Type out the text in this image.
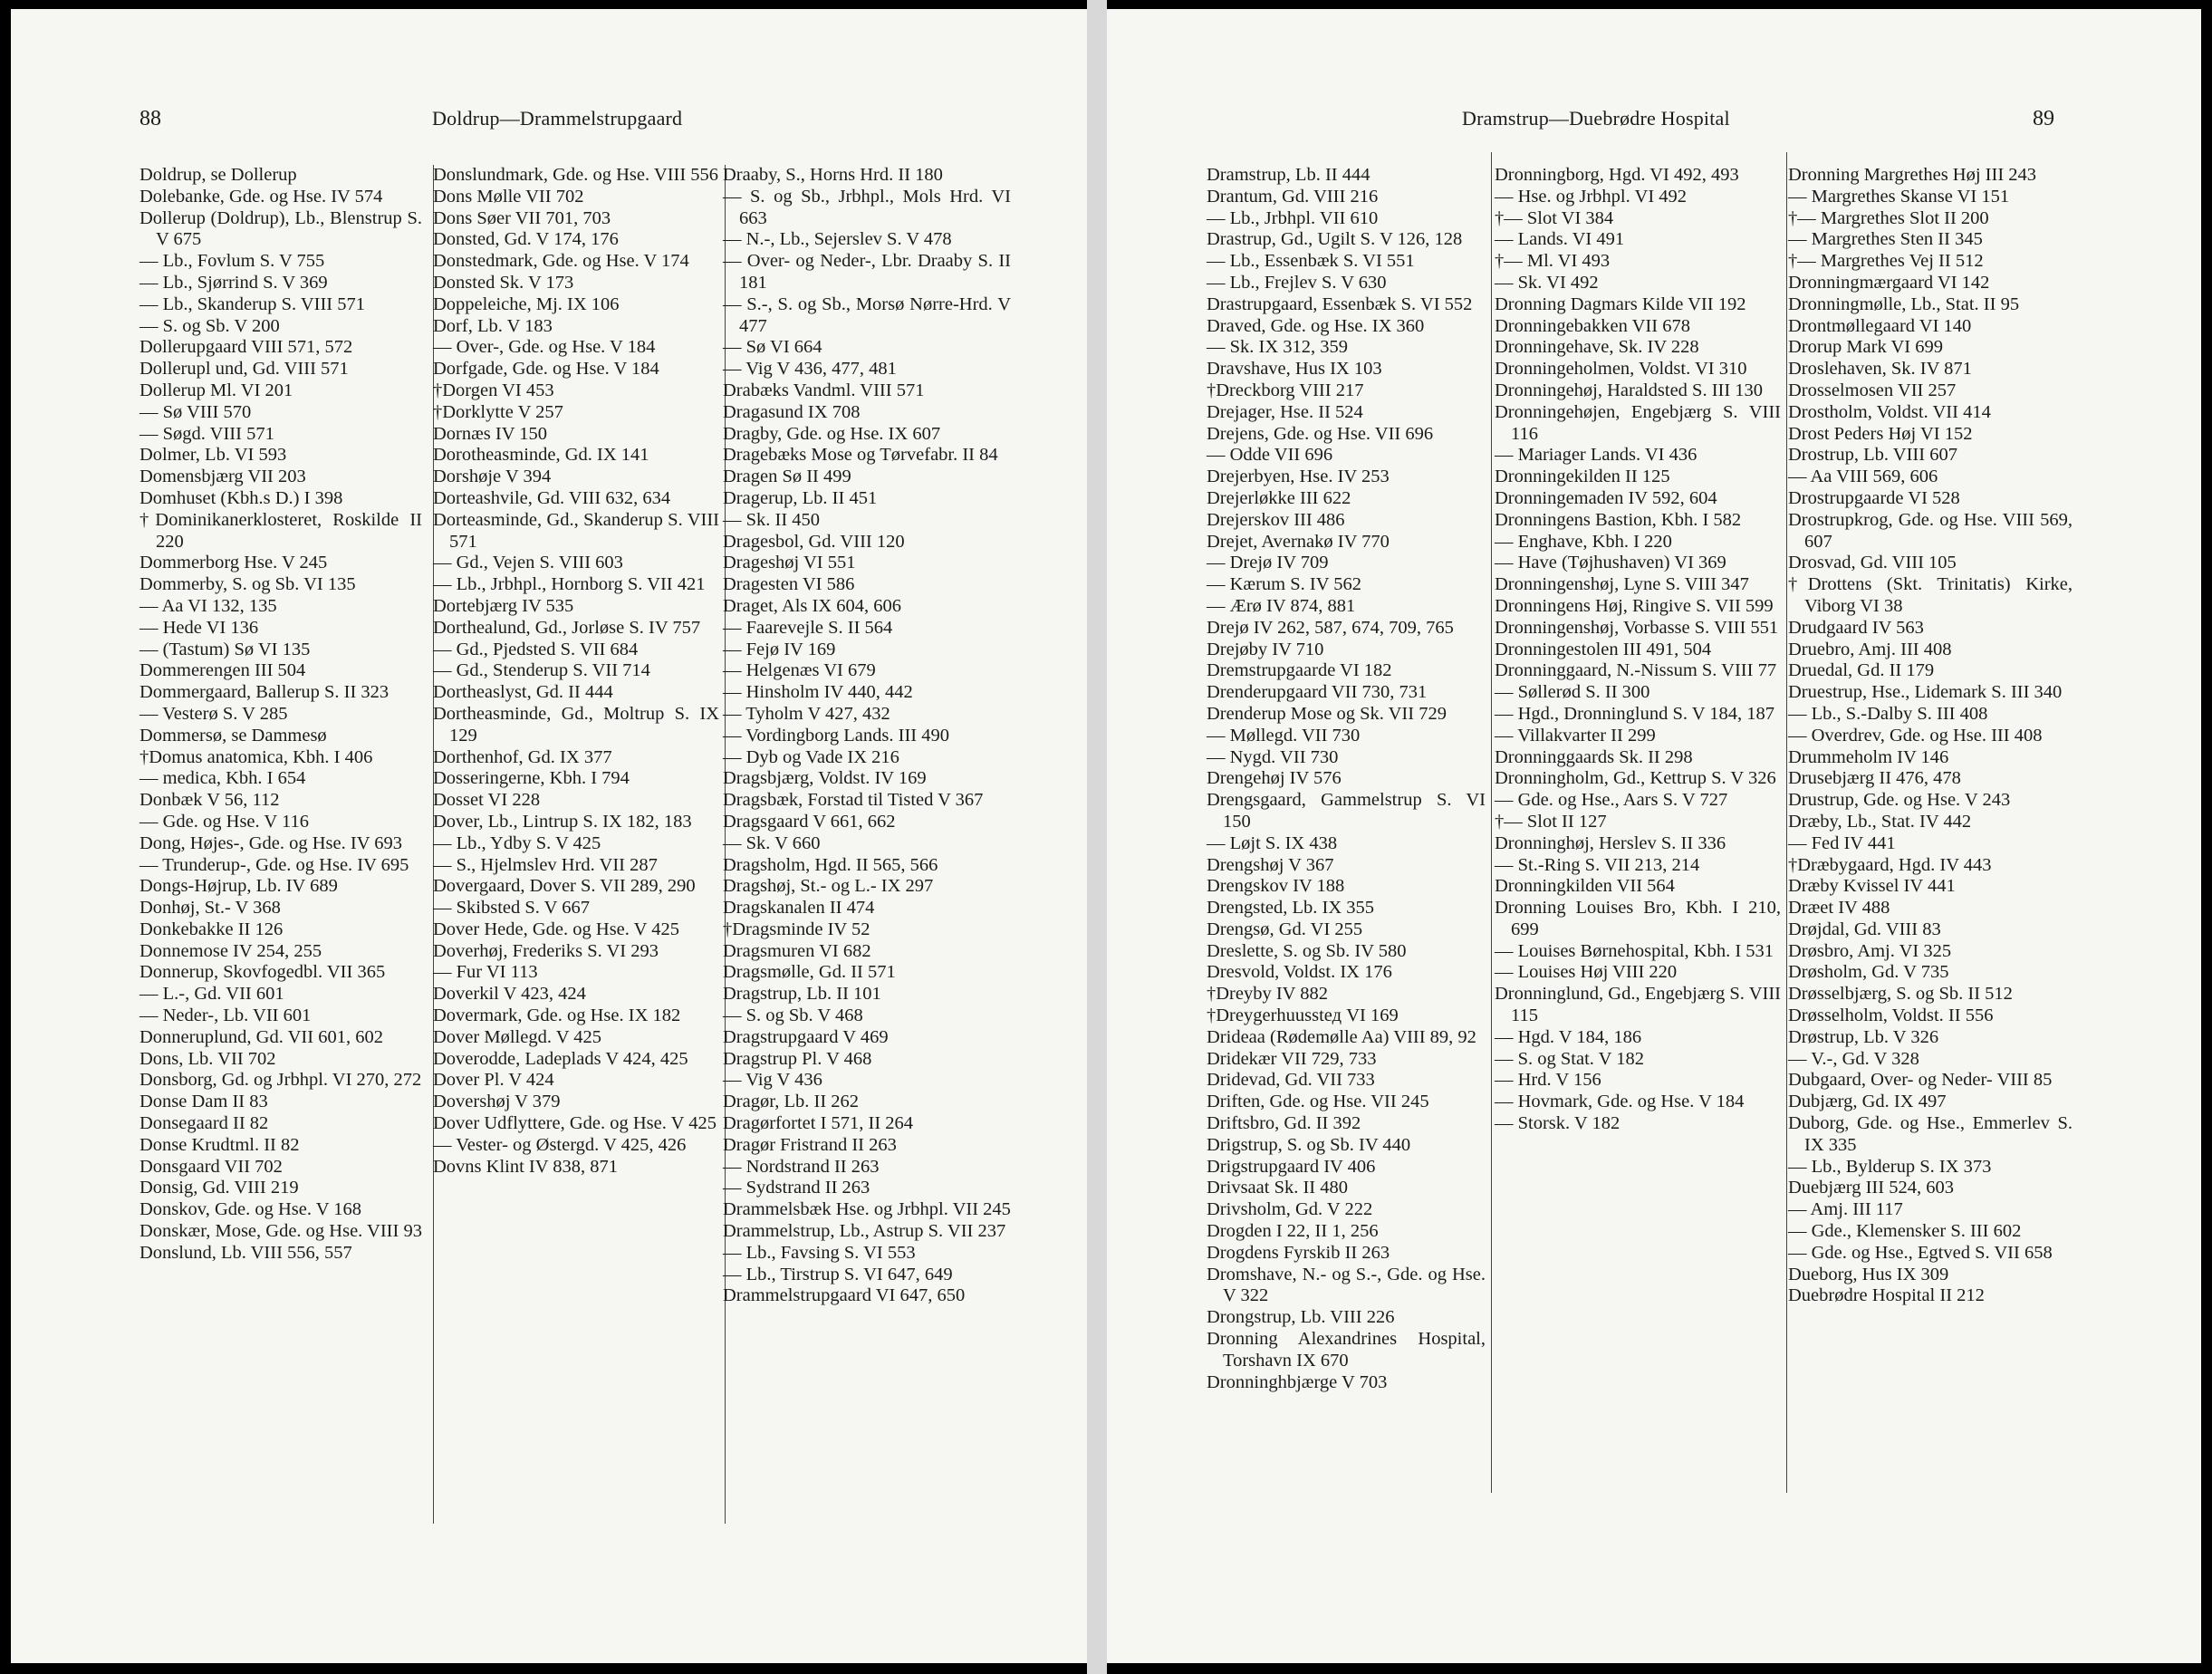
88	Doldrup—Drammelstrupgaard

Doldrup, se Dollerup

Dolebanke, Gde. og Hse. IV 574

Dollerup (Doldrup), Lb., Blenstrup S. V 675

— Lb., Fovlum S. V 755

— Lb., Sjørrind S. V 369

— Lb., Skanderup S. VIII 571

— S. og Sb. V 200

Dollerupgaard VIII 571, 572

Dollerupl und, Gd. VIII 571

Dollerup Ml. VI 201

— Sø VIII 570

— Søgd. VIII 571

Dolmer, Lb. VI 593

Domensbjærg VII 203

Domhuset (Kbh.s D.) I 398

†Dominikanerklosteret, Roskilde II 220

Dommerborg Hse. V 245

Dommerby, S. og Sb. VI 135

— Aa VI 132, 135

— Hede VI 136

— (Tastum) Sø VI 135

Dommerengen III 504

Dommergaard, Ballerup S. II 323

— Vesterø S. V 285

Dommersø, se Dammesø

†Domus anatomica, Kbh. I 406

— medica, Kbh. I 654

Donbæk V 56, 112

— Gde. og Hse. V 116

Dong, Højes-, Gde. og Hse. IV 693

— Trunderup-, Gde. og Hse. IV 695

Dongs-Højrup, Lb. IV 689

Donhøj, St.- V 368

Donkebakke II 126

Donnemose IV 254, 255

Donnerup, Skovfogedbl. VII 365

— L.-, Gd. VII 601

— Neder-, Lb. VII 601

Donneruplund, Gd. VII 601, 602

Dons, Lb. VII 702

Donsborg, Gd. og Jrbhpl. VI 270, 272

Donse Dam II 83

Donsegaard II 82

Donse Krudtml. II 82

Donsgaard VII 702

Donsig, Gd. VIII 219

Donskov, Gde. og Hse. V 168

Donskær, Mose, Gde. og Hse. VIII 93

Donslund, Lb. VIII 556, 557

Donslundmark, Gde. og Hse. VIII 556

Dons Mølle VII 702

Dons Søer VII 701, 703

Donsted, Gd. V 174, 176

Donstedmark, Gde. og Hse. V 174

Donsted Sk. V 173

Doppeleiche, Mj. IX 106

Dorf, Lb. V 183

— Over-, Gde. og Hse. V 184

Dorfgade, Gde. og Hse. V 184

†Dorgen VI 453

†Dorklytte V 257

Dornæs IV 150

Dorotheasminde, Gd. IX 141

Dorshøje V 394

Dorteashvile, Gd. VIII 632, 634

Dorteasminde, Gd., Skanderup S. VIII 571

— Gd., Vejen S. VIII 603

— Lb., Jrbhpl., Hornborg S. VII 421

Dortebjærg IV 535

Dorthealund, Gd., Jorløse S. IV 757

— Gd., Pjedsted S. VII 684

— Gd., Stenderup S. VII 714

Dortheaslyst, Gd. II 444

Dortheasminde, Gd., Moltrup S. IX 129

Dorthenhof, Gd. IX 377

Dosseringerne, Kbh. I 794

Dosset VI 228

Dover, Lb., Lintrup S. IX 182, 183

— Lb., Ydby S. V 425

— S., Hjelmslev Hrd. VII 287

Dovergaard, Dover S. VII 289, 290

— Skibsted S. V 667

Dover Hede, Gde. og Hse. V 425

Doverhøj, Frederiks S. VI 293

— Fur VI 113

Doverkil V 423, 424

Dovermark, Gde. og Hse. IX 182

Dover Møllegd. V 425

Doverodde, Ladeplads V 424, 425

Dover Pl. V 424

Dovershøj V 379

Dover Udflyttere, Gde. og Hse. V 425

— Vester- og Østergd. V 425, 426

Dovns Klint IV 838, 871

Draaby, S., Horns Hrd. II 180

— S. og Sb., Jrbhpl., Mols Hrd. VI 663

— N.-, Lb., Sejerslev S. V 478

— Over- og Neder-, Lbr. Draaby S. II 181

— S.-, S. og Sb., Morsø Nørre-Hrd. V 477

— Sø VI 664

— Vig V 436, 477, 481

Drabæks Vandml. VIII 571

Dragasund IX 708

Dragby, Gde. og Hse. IX 607

Dragebæks Mose og Tørvefabr. II 84

Dragen Sø II 499

Dragerup, Lb. II 451

— Sk. II 450

Dragesbol, Gd. VIII 120

Drageshøj VI 551

Dragesten VI 586

Draget, Als IX 604, 606

— Faarevejle S. II 564

— Fejø IV 169

— Helgenæs VI 679

— Hinsholm IV 440, 442

— Tyholm V 427, 432

— Vordingborg Lands. III 490

— Dyb og Vade IX 216

Dragsbjærg, Voldst. IV 169

Dragsbæk, Forstad til Tisted V 367

Dragsgaard V 661, 662

— Sk. V 660

Dragsholm, Hgd. II 565, 566

Dragshøj, St.- og L.- IX 297

Dragskanalen II 474

†Dragsminde IV 52

Dragsmuren VI 682

Dragsmølle, Gd. II 571

Dragstrup, Lb. II 101

— S. og Sb. V 468

Dragstrupgaard V 469

Dragstrup Pl. V 468

— Vig V 436

Dragør, Lb. II 262

Dragørfortet I 571, II 264

Dragør Fristrand II 263

— Nordstrand II 263

— Sydstrand II 263

Drammelsbæk Hse. og Jrbhpl. VII 245

Drammelstrup, Lb., Astrup S. VII 237

— Lb., Favsing S. VI 553

— Lb., Tirstrup S. VI 647, 649

Drammelstrupgaard VI 647, 650

Dramstrup—Duebrødre Hospital	89

Dramstrup, Lb. II 444

Drantum, Gd. VIII 216

— Lb., Jrbhpl. VII 610

Drastrup, Gd., Ugilt S. V 126, 128

— Lb., Essenbæk S. VI 551

— Lb., Frejlev S. V 630

Drastrupgaard, Essenbæk S. VI 552

Draved, Gde. og Hse. IX 360

— Sk. IX 312, 359

Dravshave, Hus IX 103

†Dreckborg VIII 217

Drejager, Hse. II 524

Drejens, Gde. og Hse. VII 696

— Odde VII 696

Drejerbyen, Hse. IV 253

Drejerløkke III 622

Drejerskov III 486

Drejet, Avernakø IV 770

— Drejø IV 709

— Kærum S. IV 562

— Ærø IV 874, 881

Drejø IV 262, 587, 674, 709, 765

Drejøby IV 710

Dremstrupgaarde VI 182

Drenderupgaard VII 730, 731

Drenderup Mose og Sk. VII 729

— Møllegd. VII 730

— Nygd. VII 730

Drengehøj IV 576

Drengsgaard, Gammelstrup S. VI 150

— Løjt S. IX 438

Drengshøj V 367

Drengskov IV 188

Drengsted, Lb. IX 355

Drengsø, Gd. VI 255

Dreslette, S. og Sb. IV 580

Dresvold, Voldst. IX 176

†Dreyby IV 882

†Dreygerhuusstед VI 169

Drideaa (Rødemølle Aa) VIII 89, 92

Dridekær VII 729, 733

Dridevad, Gd. VII 733

Driften, Gde. og Hse. VII 245

Driftsbro, Gd. II 392

Drigstrup, S. og Sb. IV 440

Drigstrupgaard IV 406

Drivsaat Sk. II 480

Drivsholm, Gd. V 222

Drogden I 22, II 1, 256

Drogdens Fyrskib II 263

Dromshave, N.- og S.-, Gde. og Hse. V 322

Drongstrup, Lb. VIII 226

Dronning Alexandrines Hospital, Torshavn IX 670

Dronninghbjærge V 703

Dronningborg, Hgd. VI 492, 493

— Hse. og Jrbhpl. VI 492

†— Slot VI 384

— Lands. VI 491

†— Ml. VI 493

— Sk. VI 492

Dronning Dagmars Kilde VII 192

Dronningebakken VII 678

Dronningehave, Sk. IV 228

Dronningeholmen, Voldst. VI 310

Dronningehøj, Haraldsted S. III 130

Dronningehøjen, Engebjærg S. VIII 116

— Mariager Lands. VI 436

Dronningekilden II 125

Dronningemaden IV 592, 604

Dronningens Bastion, Kbh. I 582

— Enghave, Kbh. I 220

— Have (Tøjhushaven) VI 369

Dronningenshøj, Lyne S. VIII 347

Dronningens Høj, Ringive S. VII 599

Dronningenshøj, Vorbasse S. VIII 551

Dronningestolen III 491, 504

Dronninggaard, N.-Nissum S. VIII 77

— Søllerød S. II 300

— Hgd., Dronninglund S. V 184, 187

— Villakvarter II 299

Dronninggaards Sk. II 298

Dronningholm, Gd., Kettrup S. V 326

— Gde. og Hse., Aars S. V 727

†— Slot II 127

Dronninghøj, Herslev S. II 336

— St.-Ring S. VII 213, 214

Dronningkilden VII 564

Dronning Louises Bro, Kbh. I 210, 699

— Louises Børnehospital, Kbh. I 531

— Louises Høj VIII 220

Dronninglund, Gd., Engebjærg S. VIII 115

— Hgd. V 184, 186

— S. og Stat. V 182

— Hrd. V 156

— Hovmark, Gde. og Hse. V 184

— Storsk. V 182

Dronning Margrethes Høj III 243

— Margrethes Skanse VI 151

†— Margrethes Slot II 200

— Margrethes Sten II 345

†— Margrethes Vej II 512

Dronningmærgaard VI 142

Dronningmølle, Lb., Stat. II 95

Drontmøllegaard VI 140

Drorup Mark VI 699

Droslehaven, Sk. IV 871

Drosselmosen VII 257

Drostholm, Voldst. VII 414

Drost Peders Høj VI 152

Drostrup, Lb. VIII 607

— Aa VIII 569, 606

Drostrupgaarde VI 528

Drostrupkrog, Gde. og Hse. VIII 569, 607

Drosvad, Gd. VIII 105

†Drottens (Skt. Trinitatis) Kirke, Viborg VI 38

Drudgaard IV 563

Druebro, Amj. III 408

Druedal, Gd. II 179

Druestrup, Hse., Lidemark S. III 340

— Lb., S.-Dalby S. III 408

— Overdrev, Gde. og Hse. III 408

Drummeholm IV 146

Drusebjærg II 476, 478

Drustrup, Gde. og Hse. V 243

Dræby, Lb., Stat. IV 442

— Fed IV 441

†Dræbygaard, Hgd. IV 443

Dræby Kvissel IV 441

Dræet IV 488

Drøjdal, Gd. VIII 83

Drøsbro, Amj. VI 325

Drøsholm, Gd. V 735

Drøsselbjærg, S. og Sb. II 512

Drøsselholm, Voldst. II 556

Drøstrup, Lb. V 326

— V.-, Gd. V 328

Dubgaard, Over- og Neder- VIII 85

Dubjærg, Gd. IX 497

Duborg, Gde. og Hse., Emmerlev S. IX 335

— Lb., Bylderup S. IX 373

Duebjærg III 524, 603

— Amj. III 117

— Gde., Klemensker S. III 602

— Gde. og Hse., Egtved S. VII 658

Dueborg, Hus IX 309

Duebrødre Hospital II 212
